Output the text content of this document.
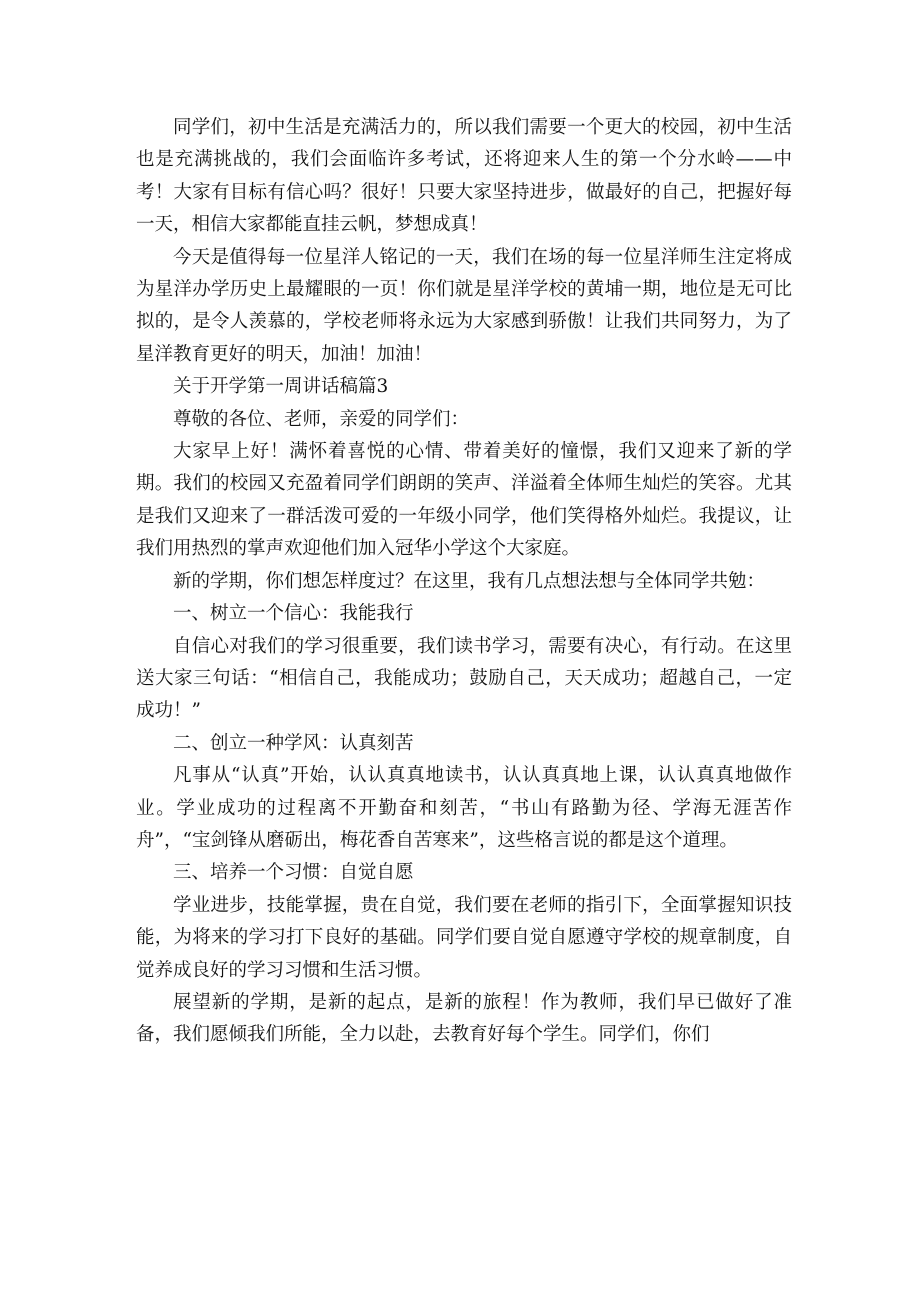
同学们，初中生活是充满活力的，所以我们需要一个更大的校园，初中生活也是充满挑战的，我们会面临许多考试，还将迎来人生的第一个分水岭——中考！大家有目标有信心吗？很好！只要大家坚持进步，做最好的自己，把握好每一天，相信大家都能直挂云帆，梦想成真！

今天是值得每一位星洋人铭记的一天，我们在场的每一位星洋师生注定将成为星洋办学历史上最耀眼的一页！你们就是星洋学校的黄埔一期，地位是无可比拟的，是令人羡慕的，学校老师将永远为大家感到骄傲！让我们共同努力，为了星洋教育更好的明天，加油！加油！

关于开学第一周讲话稿篇3

尊敬的各位、老师，亲爱的同学们：

大家早上好！满怀着喜悦的心情、带着美好的憧憬，我们又迎来了新的学期。我们的校园又充盈着同学们朗朗的笑声、洋溢着全体师生灿烂的笑容。尤其是我们又迎来了一群活泼可爱的一年级小同学，他们笑得格外灿烂。我提议，让我们用热烈的掌声欢迎他们加入冠华小学这个大家庭。

新的学期，你们想怎样度过？在这里，我有几点想法想与全体同学共勉：

一、树立一个信心：我能我行

自信心对我们的学习很重要，我们读书学习，需要有决心，有行动。在这里送大家三句话：“相信自己，我能成功；鼓励自己，天天成功；超越自己，一定成功！”

二、创立一种学风：认真刻苦

凡事从“认真”开始，认认真真地读书，认认真真地上课，认认真真地做作业。学业成功的过程离不开勤奋和刻苦，“书山有路勤为径、学海无涯苦作舟”，“宝剑锋从磨砺出，梅花香自苦寒来”，这些格言说的都是这个道理。

三、培养一个习惯：自觉自愿

学业进步，技能掌握，贵在自觉，我们要在老师的指引下，全面掌握知识技能，为将来的学习打下良好的基础。同学们要自觉自愿遵守学校的规章制度，自觉养成良好的学习习惯和生活习惯。

展望新的学期，是新的起点，是新的旅程！作为教师，我们早已做好了准备，我们愿倾我们所能，全力以赴，去教育好每个学生。同学们，你们
